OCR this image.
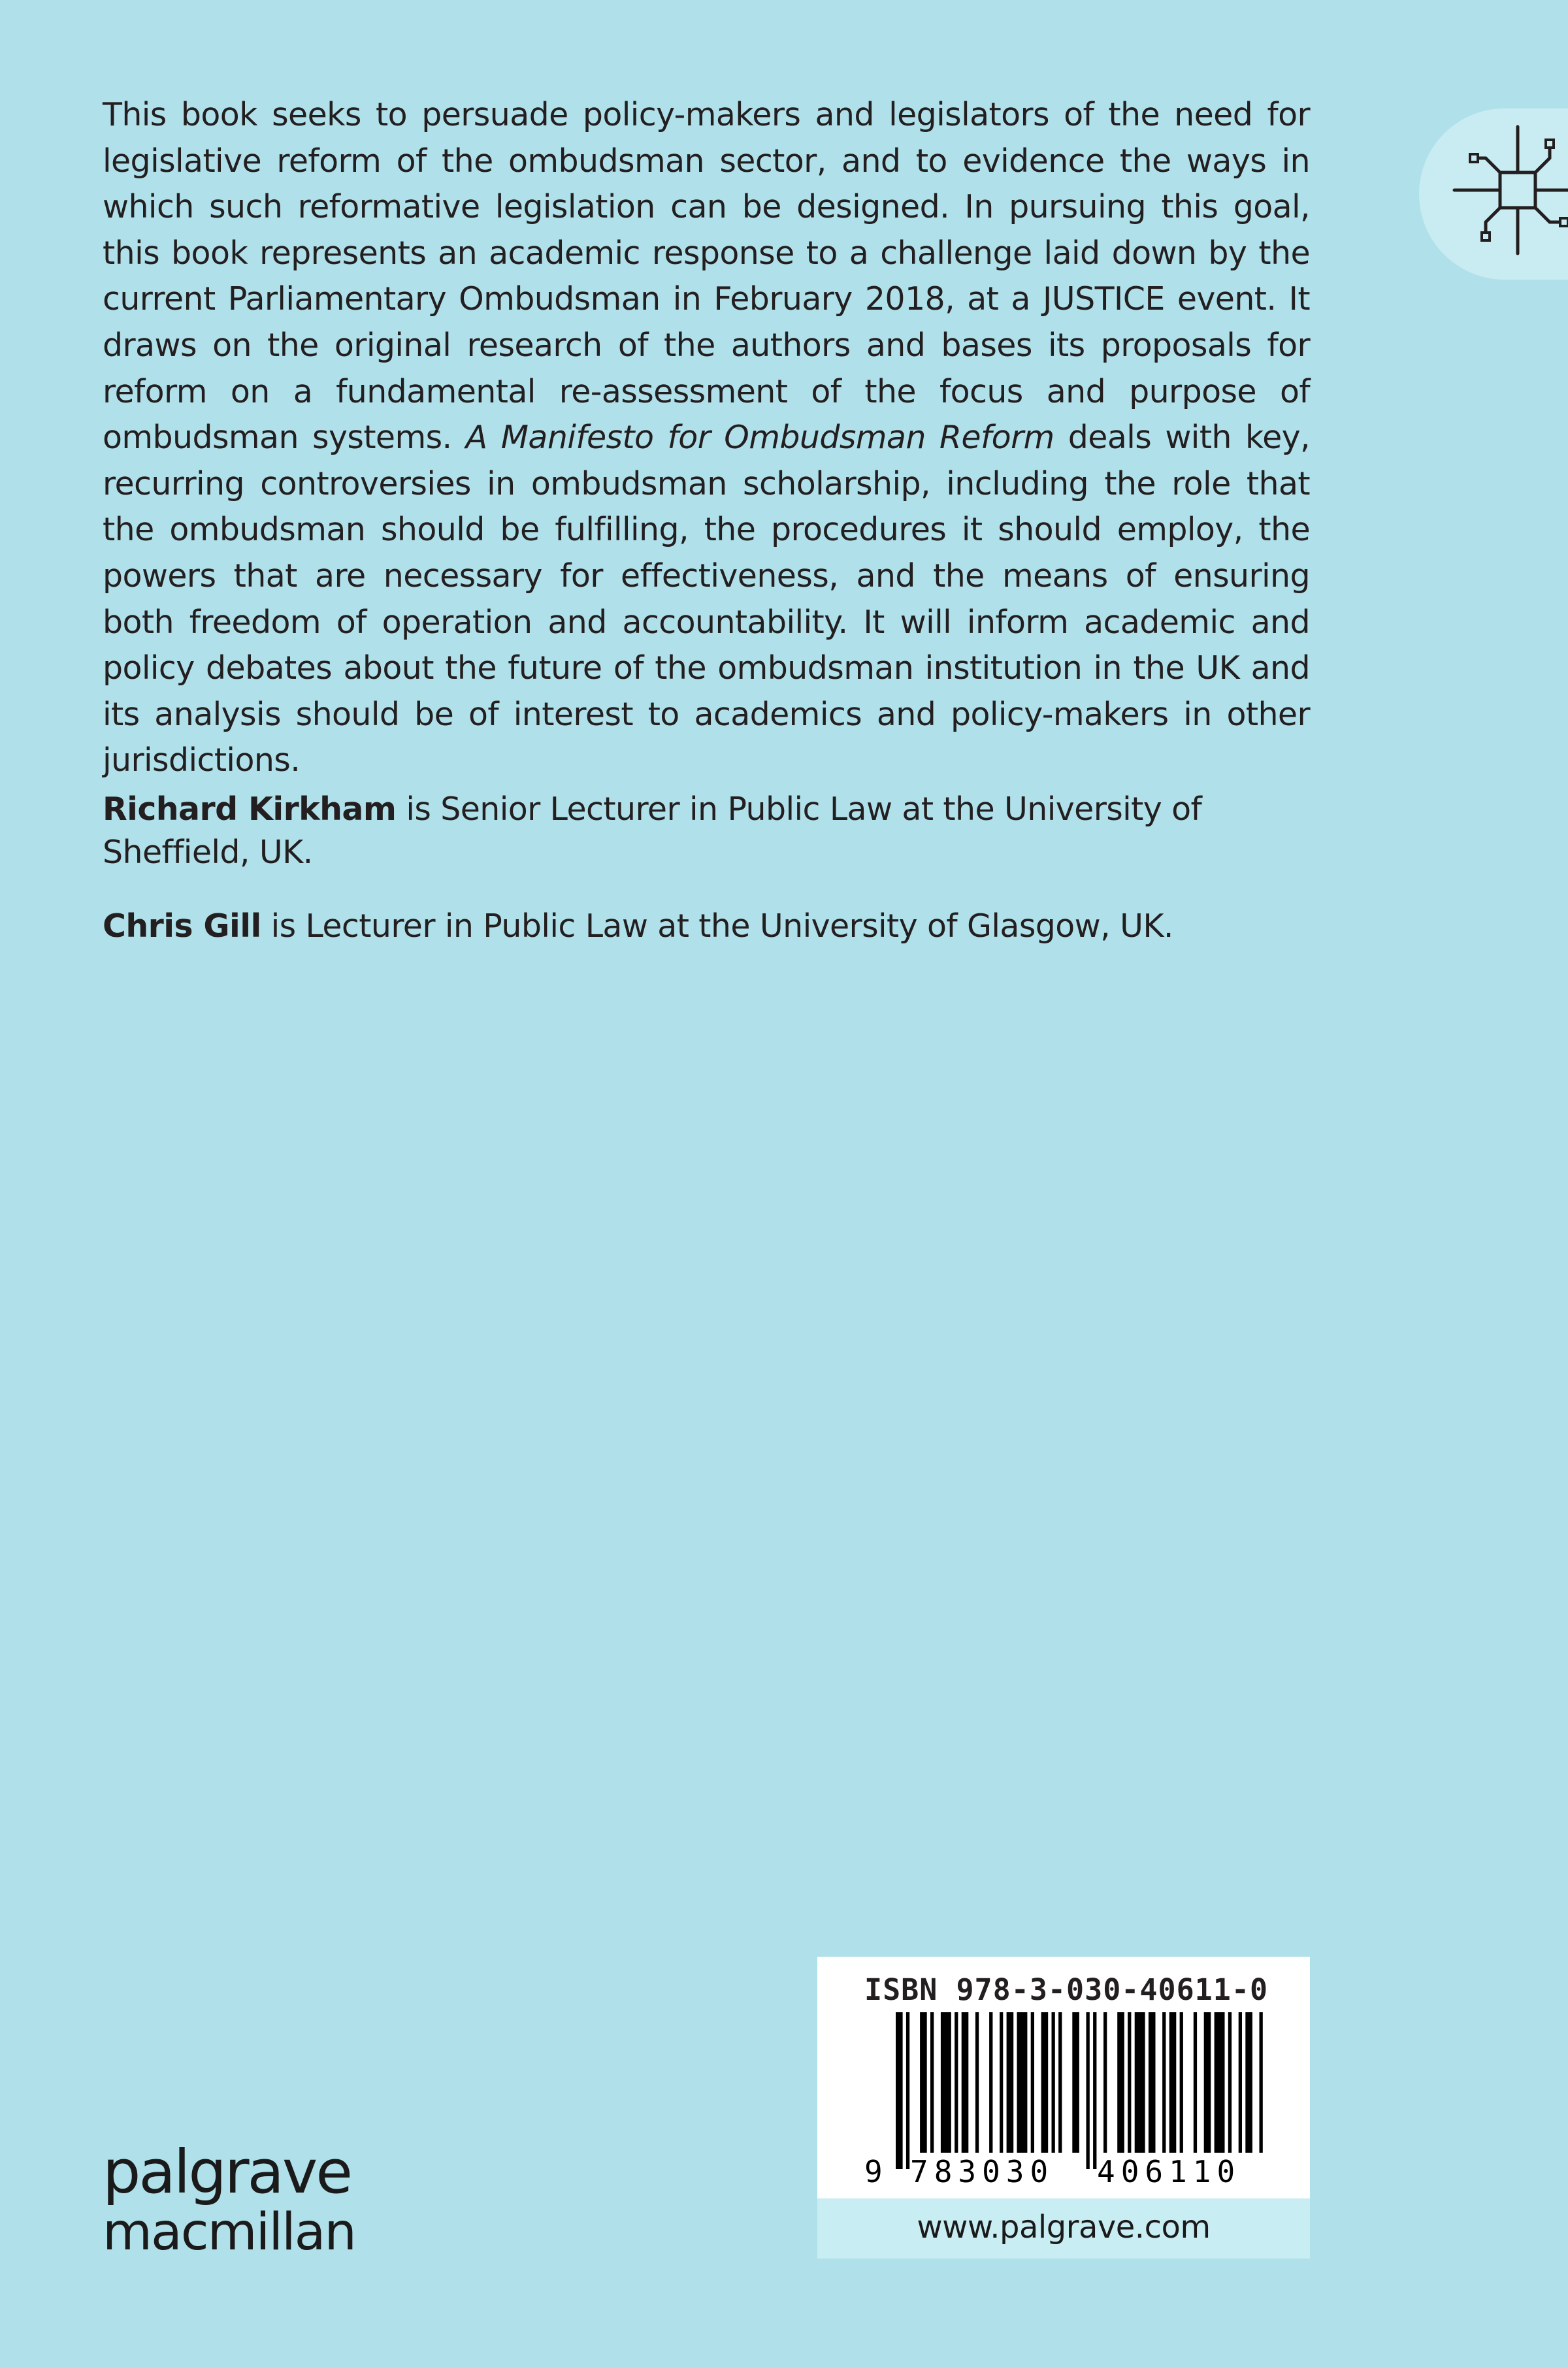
This book seeks to persuade policy-makers and legislators of the need for legislative reform of the ombudsman sector, and to evidence the ways in which such reformative legislation can be designed. In pursuing this goal, this book represents an academic response to a challenge laid down by the current Parliamentary Ombudsman in February 2018, at a JUSTICE event. It draws on the original research of the authors and bases its proposals for reform on a fundamental re-assessment of the focus and purpose of ombudsman systems. A Manifesto for Ombudsman Reform deals with key, recurring controversies in ombudsman scholarship, including the role that the ombudsman should be fulfilling, the procedures it should employ, the powers that are necessary for effectiveness, and the means of ensuring both freedom of operation and accountability. It will inform academic and policy debates about the future of the ombudsman institution in the UK and its analysis should be of interest to academics and policy-makers in other jurisdictions.

Richard Kirkham is Senior Lecturer in Public Law at the University of Sheffield, UK.

Chris Gill is Lecturer in Public Law at the University of Glasgow, UK.

palgrave
macmillan
ISBN 978-3-030-40611-0
9 783030 406110
www.palgrave.com
